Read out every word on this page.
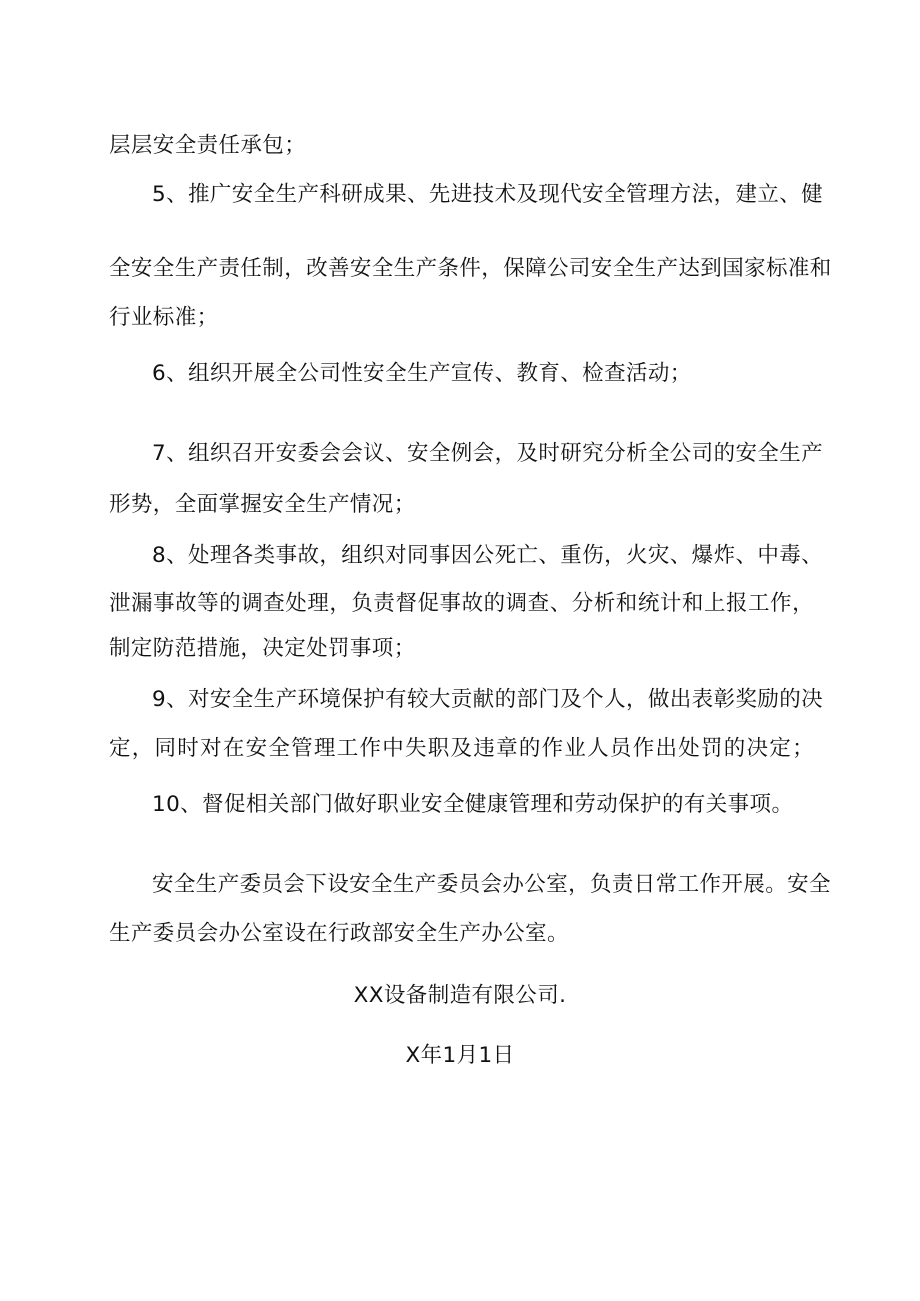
层层安全责任承包；
5、推广安全生产科研成果、先进技术及现代安全管理方法，建立、健
全安全生产责任制，改善安全生产条件，保障公司安全生产达到国家标准和
行业标准；
6、组织开展全公司性安全生产宣传、教育、检查活动；
7、组织召开安委会会议、安全例会，及时研究分析全公司的安全生产
形势，全面掌握安全生产情况；
8、处理各类事故，组织对同事因公死亡、重伤，火灾、爆炸、中毒、
泄漏事故等的调查处理，负责督促事故的调查、分析和统计和上报工作，
制定防范措施，决定处罚事项；
9、对安全生产环境保护有较大贡献的部门及个人，做出表彰奖励的决
定，同时对在安全管理工作中失职及违章的作业人员作出处罚的决定；
10、督促相关部门做好职业安全健康管理和劳动保护的有关事项。
安全生产委员会下设安全生产委员会办公室，负责日常工作开展。安全
生产委员会办公室设在行政部安全生产办公室。
XX设备制造有限公司.
X年1月1日
